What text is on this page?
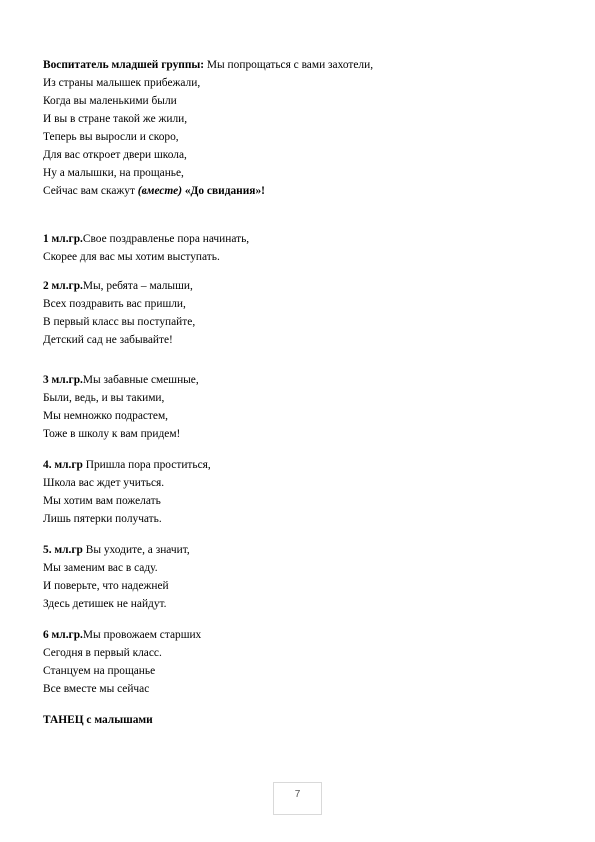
Воспитатель младшей группы: Мы попрощаться с вами захотели,
Из страны малышек прибежали,
Когда вы маленькими были
И вы в стране такой же жили,
Теперь вы выросли и скоро,
Для вас откроет двери школа,
Ну а малышки, на прощанье,
Сейчас вам скажут (вместе) «До свидания»!
1 мл.гр.Свое поздравленье пора начинать,
Скорее для вас мы хотим выступать.
2 мл.гр.Мы, ребята – малыши,
Всех поздравить вас пришли,
В первый класс вы поступайте,
Детский сад не забывайте!
3 мл.гр.Мы забавные смешные,
Были, ведь, и вы такими,
Мы немножко подрастем,
Тоже в школу к вам придем!
4. мл.гр Пришла пора проститься,
Школа вас ждет учиться.
Мы хотим вам пожелать
Лишь пятерки получать.
5. мл.гр Вы уходите, а значит,
Мы заменим вас в саду.
И поверьте, что надежней
Здесь детишек не найдут.
6 мл.гр.Мы провожаем старших
Сегодня в первый класс.
Станцуем на прощанье
Все вместе мы сейчас
ТАНЕЦ с малышами
7
